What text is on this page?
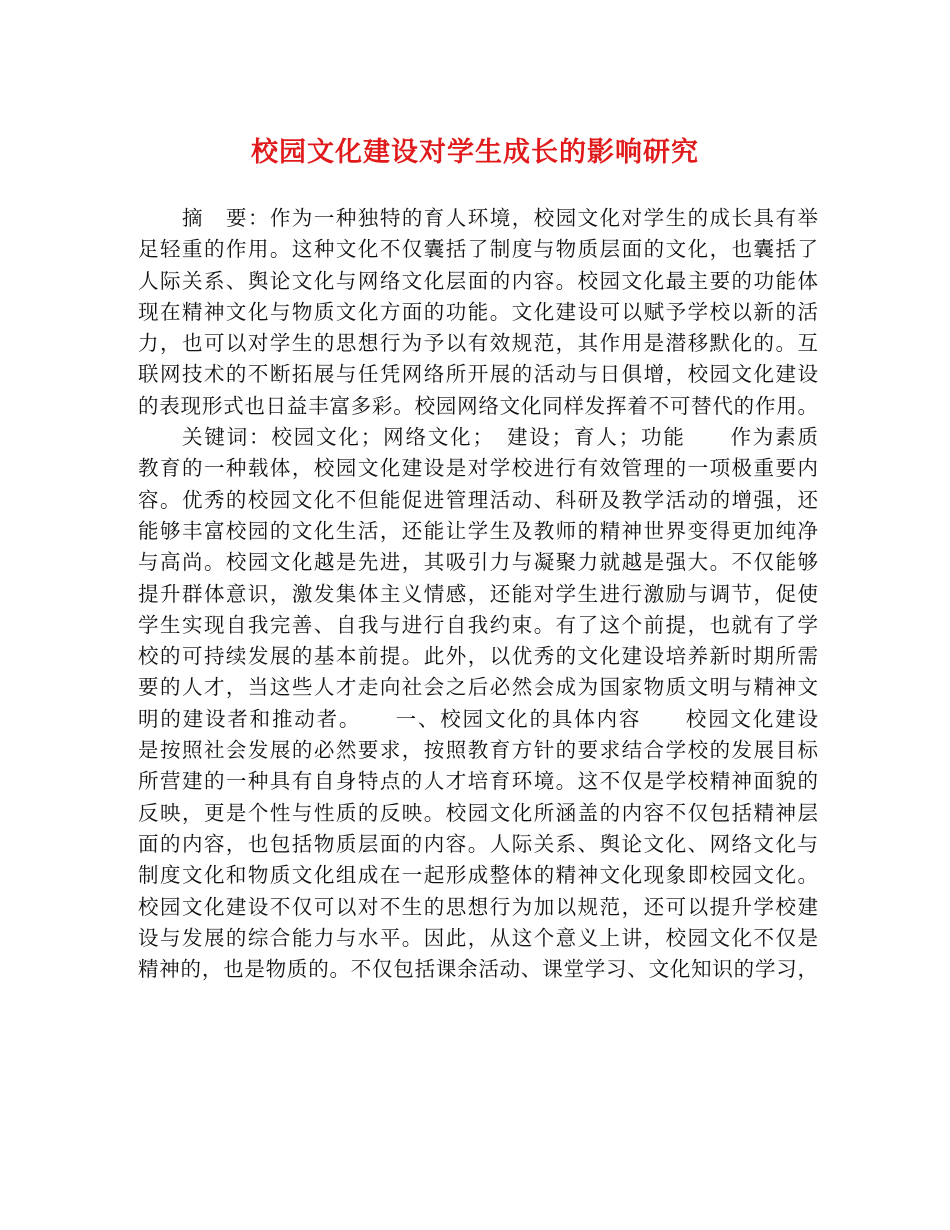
校园文化建设对学生成长的影响研究
摘　要：作为一种独特的育人环境，校园文化对学生的成长具有举
足轻重的作用。这种文化不仅囊括了制度与物质层面的文化，也囊括了
人际关系、舆论文化与网络文化层面的内容。校园文化最主要的功能体
现在精神文化与物质文化方面的功能。文化建设可以赋予学校以新的活
力，也可以对学生的思想行为予以有效规范，其作用是潜移默化的。互
联网技术的不断拓展与任凭网络所开展的活动与日俱增，校园文化建设
的表现形式也日益丰富多彩。校园网络文化同样发挥着不可替代的作用。
关键词：校园文化；网络文化；　建设；育人；功能　　作为素质
教育的一种载体，校园文化建设是对学校进行有效管理的一项极重要内
容。优秀的校园文化不但能促进管理活动、科研及教学活动的增强，还
能够丰富校园的文化生活，还能让学生及教师的精神世界变得更加纯净
与高尚。校园文化越是先进，其吸引力与凝聚力就越是强大。不仅能够
提升群体意识，激发集体主义情感，还能对学生进行激励与调节，促使
学生实现自我完善、自我与进行自我约束。有了这个前提，也就有了学
校的可持续发展的基本前提。此外，以优秀的文化建设培养新时期所需
要的人才，当这些人才走向社会之后必然会成为国家物质文明与精神文
明的建设者和推动者。　　一、校园文化的具体内容　　校园文化建设
是按照社会发展的必然要求，按照教育方针的要求结合学校的发展目标
所营建的一种具有自身特点的人才培育环境。这不仅是学校精神面貌的
反映，更是个性与性质的反映。校园文化所涵盖的内容不仅包括精神层
面的内容，也包括物质层面的内容。人际关系、舆论文化、网络文化与
制度文化和物质文化组成在一起形成整体的精神文化现象即校园文化。
校园文化建设不仅可以对不生的思想行为加以规范，还可以提升学校建
设与发展的综合能力与水平。因此，从这个意义上讲，校园文化不仅是
精神的，也是物质的。不仅包括课余活动、课堂学习、文化知识的学习，
